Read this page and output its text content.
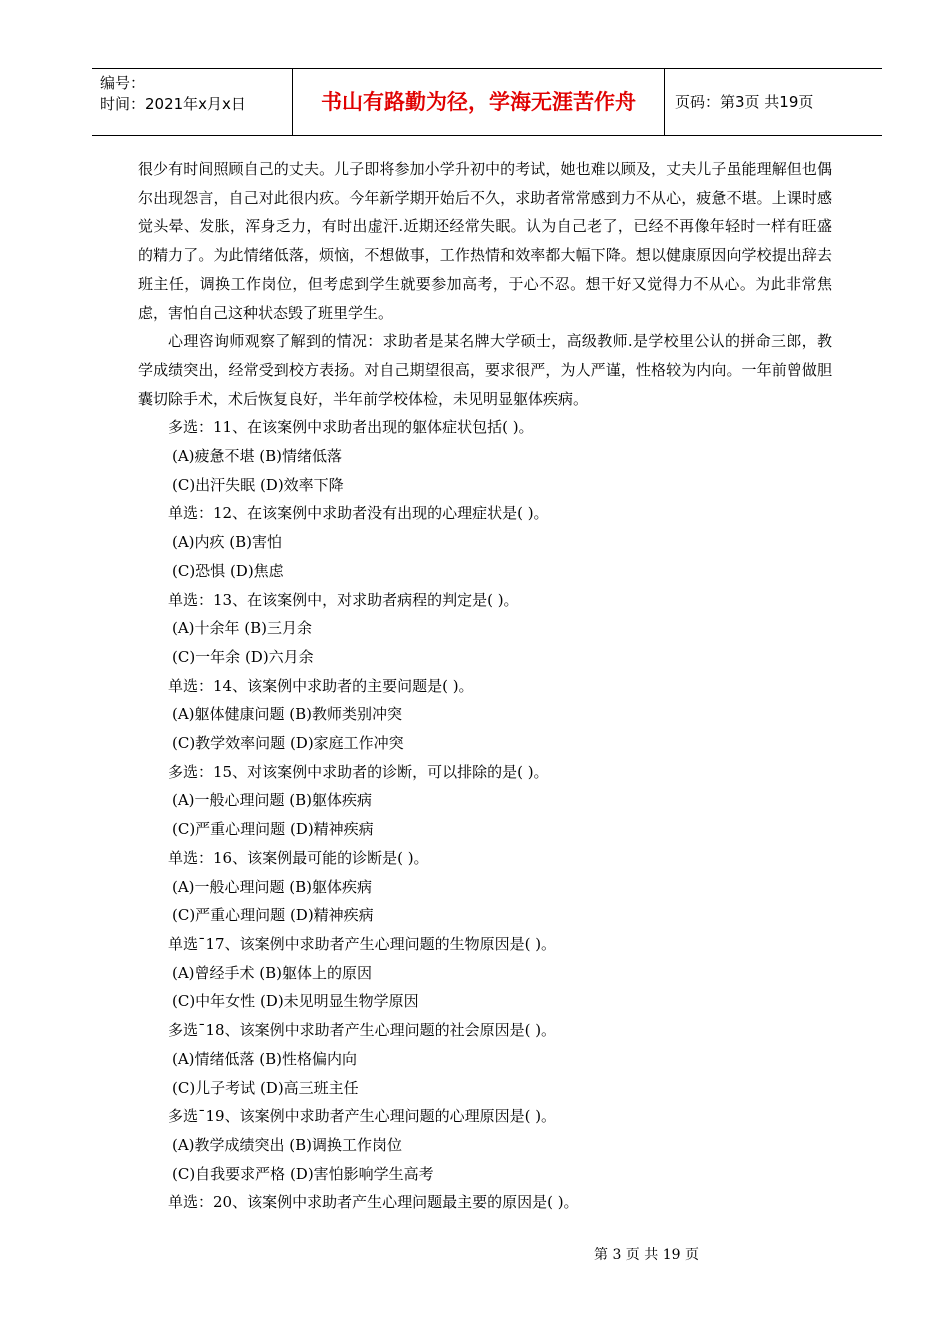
编号：
时间：2021年x月x日	书山有路勤为径，学海无涯苦作舟	页码：第3页 共19页

很少有时间照顾自己的丈夫。儿子即将参加小学升初中的考试，她也难以顾及，丈夫儿子虽能理解但也偶尔出现怨言，自己对此很内疚。今年新学期开始后不久，求助者常常感到力不从心，疲惫不堪。上课时感觉头晕、发胀，浑身乏力，有时出虚汗.近期还经常失眠。认为自己老了，已经不再像年轻时一样有旺盛的精力了。为此情绪低落，烦恼，不想做事，工作热情和效率都大幅下降。想以健康原因向学校提出辞去班主任，调换工作岗位，但考虑到学生就要参加高考，于心不忍。想干好又觉得力不从心。为此非常焦虑，害怕自己这种状态毁了班里学生。

心理咨询师观察了解到的情况：求助者是某名牌大学硕士，高级教师.是学校里公认的拼命三郎，教学成绩突出，经常受到校方表扬。对自己期望很高，要求很严，为人严谨，性格较为内向。一年前曾做胆囊切除手术，术后恢复良好，半年前学校体检，未见明显躯体疾病。

多选：11、在该案例中求助者出现的躯体症状包括( )。

(A)疲惫不堪 (B)情绪低落

(C)出汗失眠 (D)效率下降

单选：12、在该案例中求助者没有出现的心理症状是( )。

(A)内疚 (B)害怕

(C)恐惧 (D)焦虑

单选：13、在该案例中，对求助者病程的判定是( )。

(A)十余年 (B)三月余

(C)一年余 (D)六月余

单选：14、该案例中求助者的主要问题是( )。

(A)躯体健康问题 (B)教师类别冲突

(C)教学效率问题 (D)家庭工作冲突

多选：15、对该案例中求助者的诊断，可以排除的是( )。

(A)一般心理问题 (B)躯体疾病

(C)严重心理问题 (D)精神疾病

单选：16、该案例最可能的诊断是( )。

(A)一般心理问题 (B)躯体疾病

(C)严重心理问题 (D)精神疾病

单选¯17、该案例中求助者产生心理问题的生物原因是( )。

(A)曾经手术 (B)躯体上的原因

(C)中年女性 (D)未见明显生物学原因

多选¯18、该案例中求助者产生心理问题的社会原因是( )。

(A)情绪低落 (B)性格偏内向

(C)儿子考试 (D)高三班主任

多选¯19、该案例中求助者产生心理问题的心理原因是( )。

(A)教学成绩突出 (B)调换工作岗位

(C)自我要求严格 (D)害怕影响学生高考

单选：20、该案例中求助者产生心理问题最主要的原因是( )。

第 3 页 共 19 页
